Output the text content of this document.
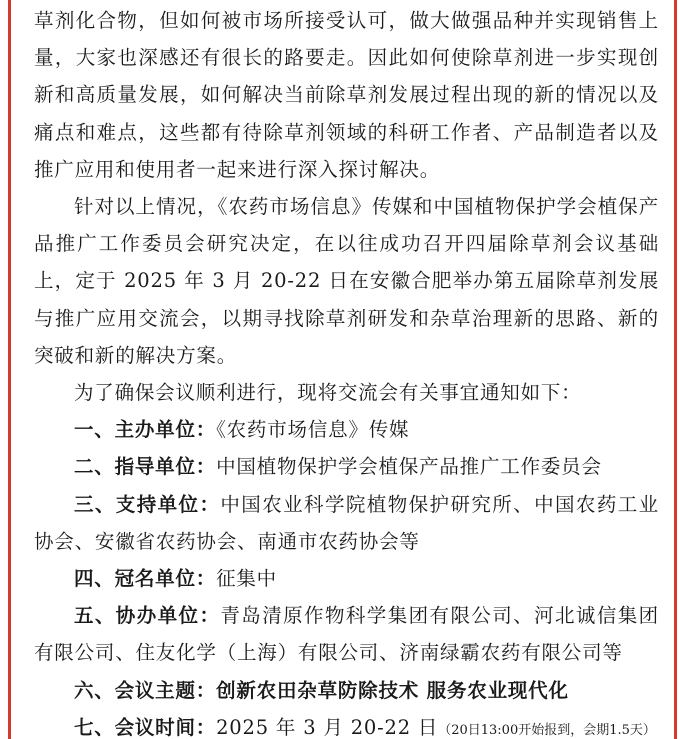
草剂化合物，但如何被市场所接受认可，做大做强品种并实现销售上量，大家也深感还有很长的路要走。因此如何使除草剂进一步实现创新和高质量发展，如何解决当前除草剂发展过程出现的新的情况以及痛点和难点，这些都有待除草剂领域的科研工作者、产品制造者以及推广应用和使用者一起来进行深入探讨解决。

针对以上情况，《农药市场信息》传媒和中国植物保护学会植保产品推广工作委员会研究决定，在以往成功召开四届除草剂会议基础上，定于 2025 年 3 月 20-22 日在安徽合肥举办第五届除草剂发展与推广应用交流会，以期寻找除草剂研发和杂草治理新的思路、新的突破和新的解决方案。

为了确保会议顺利进行，现将交流会有关事宜通知如下：

一、主办单位：《农药市场信息》传媒

二、指导单位：中国植物保护学会植保产品推广工作委员会

三、支持单位：中国农业科学院植物保护研究所、中国农药工业协会、安徽省农药协会、南通市农药协会等

四、冠名单位：征集中

五、协办单位：青岛清原作物科学集团有限公司、河北诚信集团有限公司、住友化学（上海）有限公司、济南绿霸农药有限公司等

六、会议主题：创新农田杂草防除技术 服务农业现代化

七、会议时间：2025 年 3 月 20-22 日（20日13:00开始报到，会期1.5天）
